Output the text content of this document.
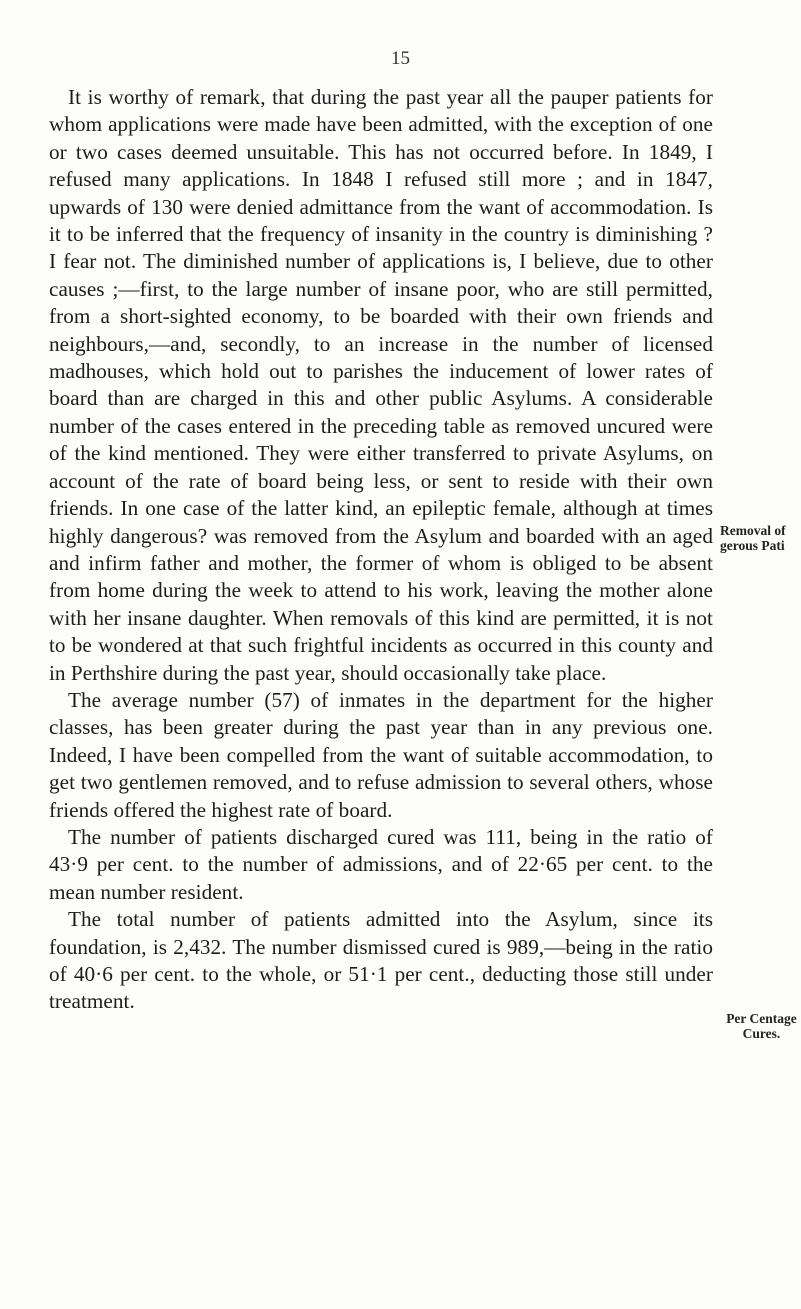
15

It is worthy of remark, that during the past year all the pauper patients for whom applications were made have been admitted, with the exception of one or two cases deemed unsuitable. This has not occurred before. In 1849, I refused many applications. In 1848 I refused still more ; and in 1847, upwards of 130 were denied admittance from the want of accommodation. Is it to be inferred that the frequency of insanity in the country is diminishing ? I fear not. The diminished number of applications is, I believe, due to other causes ;—first, to the large number of insane poor, who are still permitted, from a short-sighted economy, to be boarded with their own friends and neighbours,—and, secondly, to an increase in the number of licensed madhouses, which hold out to parishes the inducement of lower rates of board than are charged in this and other public Asylums. A considerable number of the cases entered in the preceding table as removed uncured were of the kind mentioned. They were either transferred to private Asylums, on account of the rate of board being less, or sent to reside with their own friends. In one case of the latter kind, an epileptic female, although at times highly dangerous? was removed from the Asylum and boarded with an aged and infirm father and mother, the former of whom is obliged to be absent from home during the week to attend to his work, leaving the mother alone with her insane daughter. When removals of this kind are permitted, it is not to be wondered at that such frightful incidents as occurred in this county and in Perthshire during the past year, should occasionally take place.

The average number (57) of inmates in the department for the higher classes, has been greater during the past year than in any previous one. Indeed, I have been compelled from the want of suitable accommodation, to get two gentlemen removed, and to refuse admission to several others, whose friends offered the highest rate of board.

The number of patients discharged cured was 111, being in the ratio of 43·9 per cent. to the number of admissions, and of 22·65 per cent. to the mean number resident.

The total number of patients admitted into the Asylum, since its foundation, is 2,432. The number dismissed cured is 989,—being in the ratio of 40·6 per cent. to the whole, or 51·1 per cent., deducting those still under treatment.

Removal of
gerous Pati
Per Centage
Cures.
